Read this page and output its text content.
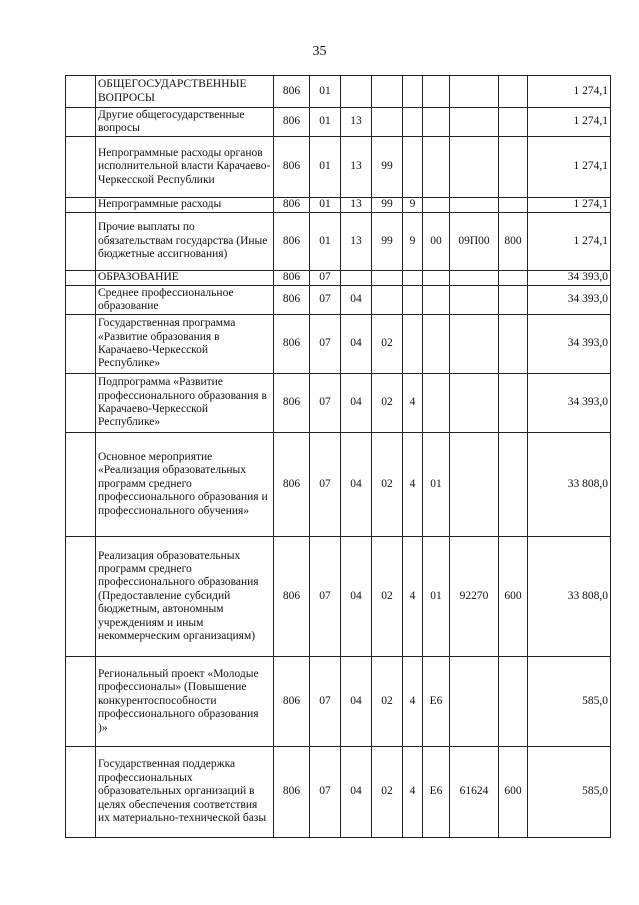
35
	ОБЩЕГОСУДАРСТВЕННЫЕ ВОПРОСЫ	806	01							1 274,1
	Другие общегосударственные вопросы	806	01	13						1 274,1
	Непрограммные расходы органов исполнительной власти Карачаево-Черкесской Республики	806	01	13	99					1 274,1
	Непрограммные расходы	806	01	13	99	9				1 274,1
	Прочие выплаты по обязательствам государства (Иные бюджетные ассигнования)	806	01	13	99	9	00	09П00	800	1 274,1
	ОБРАЗОВАНИЕ	806	07							34 393,0
	Среднее профессиональное образование	806	07	04						34 393,0
	Государственная программа «Развитие образования в Карачаево-Черкесской Республике»	806	07	04	02					34 393,0
	Подпрограмма «Развитие профессионального образования в Карачаево-Черкесской Республике»	806	07	04	02	4				34 393,0
	Основное мероприятие «Реализация образовательных программ среднего профессионального образования и профессионального обучения»	806	07	04	02	4	01			33 808,0
	Реализация образовательных программ среднего профессионального образования (Предоставление субсидий бюджетным, автономным учреждениям и иным некоммерческим организациям)	806	07	04	02	4	01	92270	600	33 808,0
	Региональный проект «Молодые профессионалы» (Повышение конкурентоспособности профессионального образования )»	806	07	04	02	4	Е6			585,0
	Государственная поддержка профессиональных образовательных организаций в целях обеспечения соответствия их материально-технической базы	806	07	04	02	4	Е6	61624	600	585,0
